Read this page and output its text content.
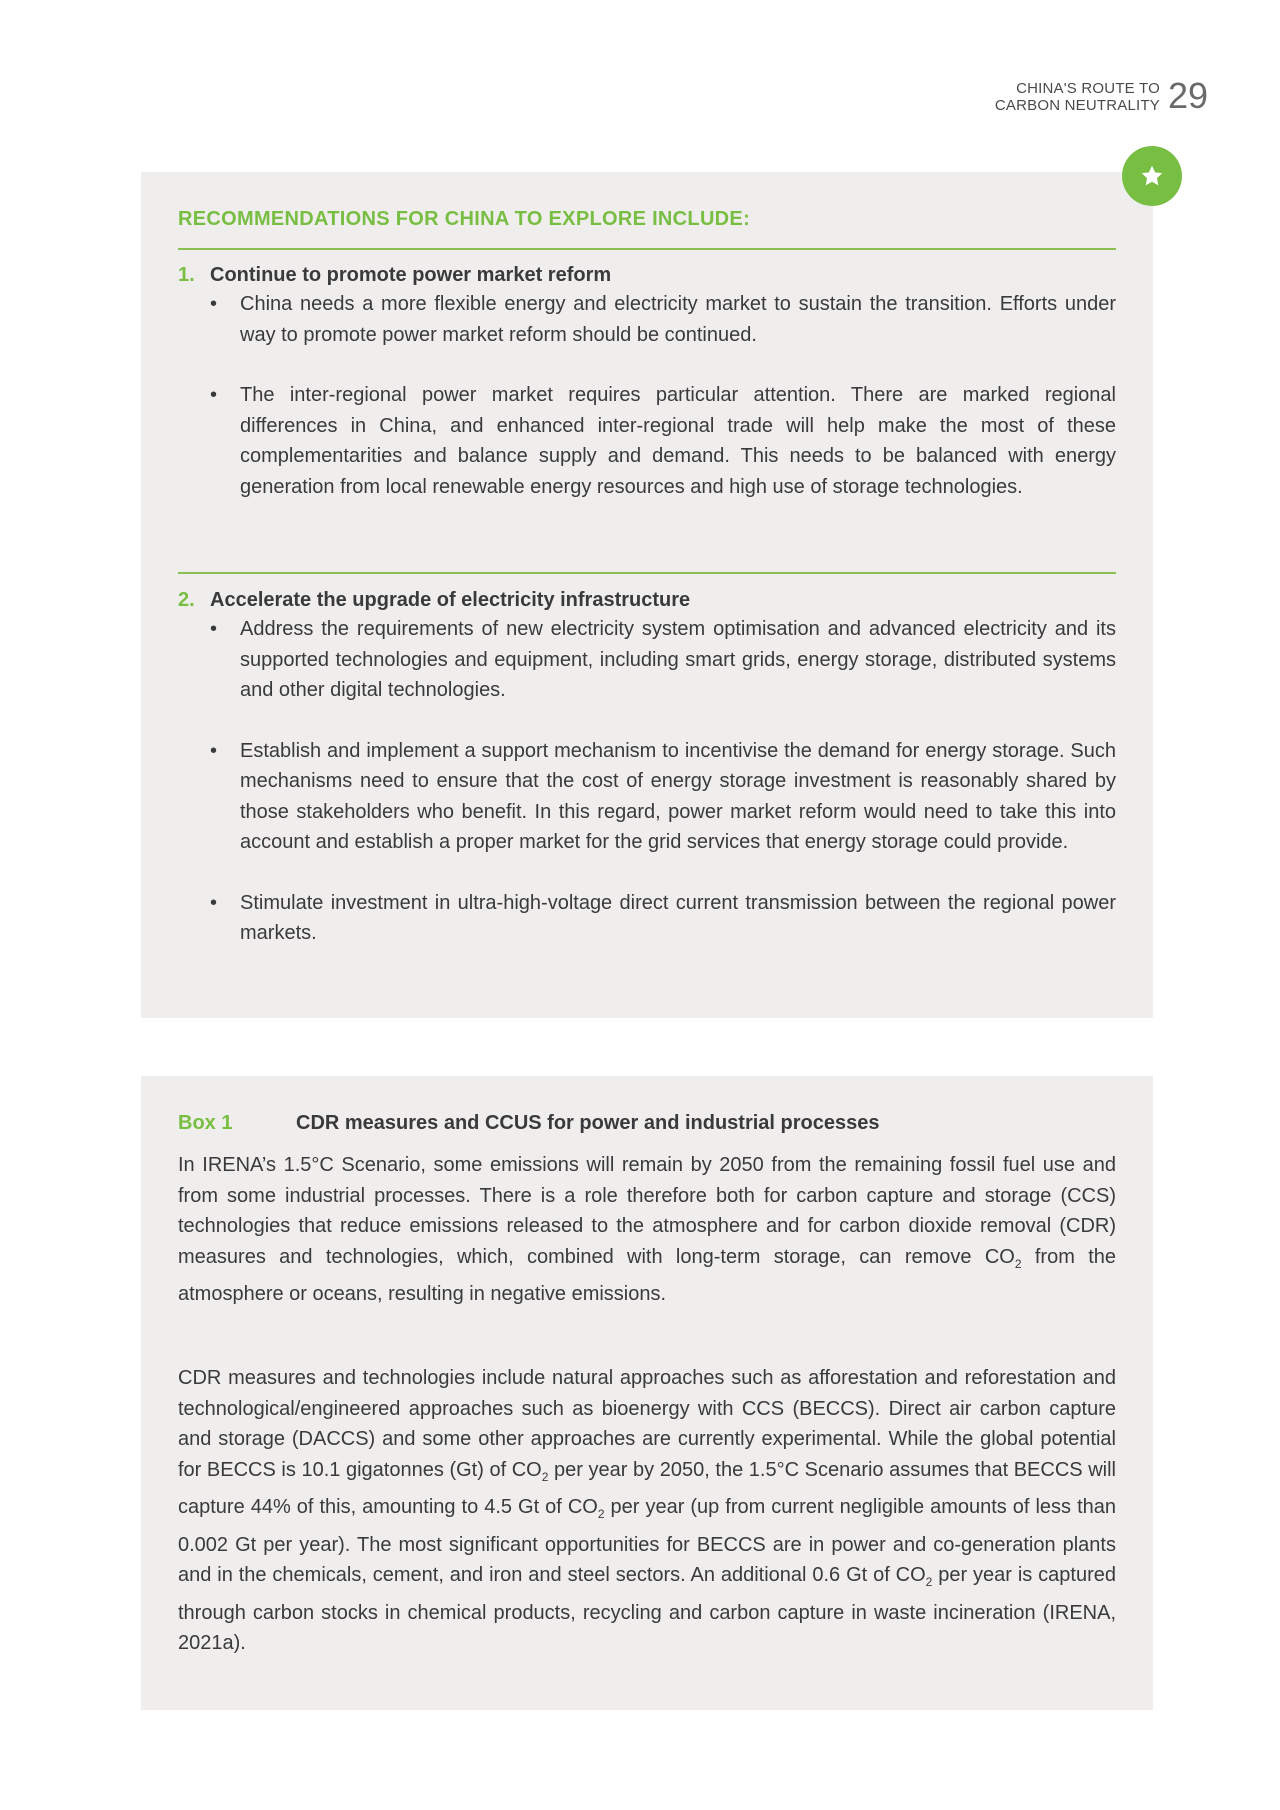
CHINA'S ROUTE TO
CARBON NEUTRALITY 29
RECOMMENDATIONS FOR CHINA TO EXPLORE INCLUDE:
1. Continue to promote power market reform
• China needs a more flexible energy and electricity market to sustain the transition. Efforts under way to promote power market reform should be continued.
• The inter-regional power market requires particular attention. There are marked regional differences in China, and enhanced inter-regional trade will help make the most of these complementarities and balance supply and demand. This needs to be balanced with energy generation from local renewable energy resources and high use of storage technologies.
2. Accelerate the upgrade of electricity infrastructure
• Address the requirements of new electricity system optimisation and advanced electricity and its supported technologies and equipment, including smart grids, energy storage, distributed systems and other digital technologies.
• Establish and implement a support mechanism to incentivise the demand for energy storage. Such mechanisms need to ensure that the cost of energy storage investment is reasonably shared by those stakeholders who benefit. In this regard, power market reform would need to take this into account and establish a proper market for the grid services that energy storage could provide.
• Stimulate investment in ultra-high-voltage direct current transmission between the regional power markets.
Box 1	CDR measures and CCUS for power and industrial processes

In IRENA’s 1.5°C Scenario, some emissions will remain by 2050 from the remaining fossil fuel use and from some industrial processes. There is a role therefore both for carbon capture and storage (CCS) technologies that reduce emissions released to the atmosphere and for carbon dioxide removal (CDR) measures and technologies, which, combined with long-term storage, can remove $CO_2$ from the atmosphere or oceans, resulting in negative emissions.

CDR measures and technologies include natural approaches such as afforestation and reforestation and technological/engineered approaches such as bioenergy with CCS (BECCS). Direct air carbon capture and storage (DACCS) and some other approaches are currently experimental. While the global potential for BECCS is 10.1 gigatonnes (Gt) of $CO_2$ per year by 2050, the 1.5°C Scenario assumes that BECCS will capture 44% of this, amounting to 4.5 Gt of $CO_2$ per year (up from current negligible amounts of less than 0.002 Gt per year). The most significant opportunities for BECCS are in power and co-generation plants and in the chemicals, cement, and iron and steel sectors. An additional 0.6 Gt of $CO_2$ per year is captured through carbon stocks in chemical products, recycling and carbon capture in waste incineration (IRENA, 2021a).
